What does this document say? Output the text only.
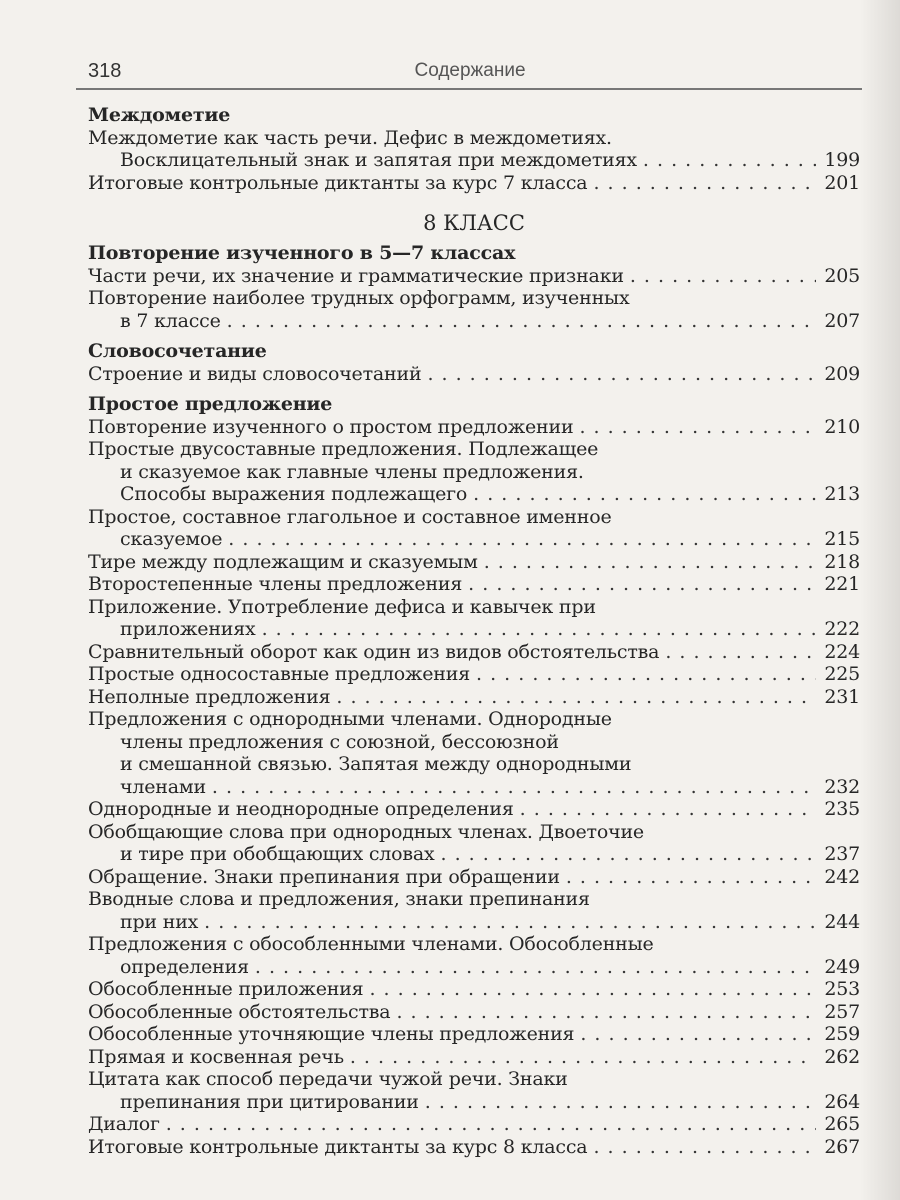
318	Содержание
Междометие
Междометие как часть речи. Дефис в междометиях.
Восклицательный знак и запятая при междометиях . . .	199
Итоговые контрольные диктанты за курс 7 класса . . .	201
8 КЛАСС
Повторение изученного в 5—7 классах
Части речи, их значение и грамматические признаки . . .	205
Повторение наиболее трудных орфограмм, изученных
в 7 классе . . .	207
Словосочетание
Строение и виды словосочетаний . . .	209
Простое предложение
Повторение изученного о простом предложении . . .	210
Простые двусоставные предложения. Подлежащее
и сказуемое как главные члены предложения.
Способы выражения подлежащего . . .	213
Простое, составное глагольное и составное именное
сказуемое . . .	215
Тире между подлежащим и сказуемым . . .	218
Второстепенные члены предложения . . .	221
Приложение. Употребление дефиса и кавычек при
приложениях . . .	222
Сравнительный оборот как один из видов обстоятельства . . .	224
Простые односоставные предложения . . .	225
Неполные предложения . . .	231
Предложения с однородными членами. Однородные
члены предложения с союзной, бессоюзной
и смешанной связью. Запятая между однородными
членами . . .	232
Однородные и неоднородные определения . . .	235
Обобщающие слова при однородных членах. Двоеточие
и тире при обобщающих словах . . .	237
Обращение. Знаки препинания при обращении . . .	242
Вводные слова и предложения, знаки препинания
при них . . .	244
Предложения с обособленными членами. Обособленные
определения . . .	249
Обособленные приложения . . .	253
Обособленные обстоятельства . . .	257
Обособленные уточняющие члены предложения . . .	259
Прямая и косвенная речь . . .	262
Цитата как способ передачи чужой речи. Знаки
препинания при цитировании . . .	264
Диалог . . .	265
Итоговые контрольные диктанты за курс 8 класса . . .	267
